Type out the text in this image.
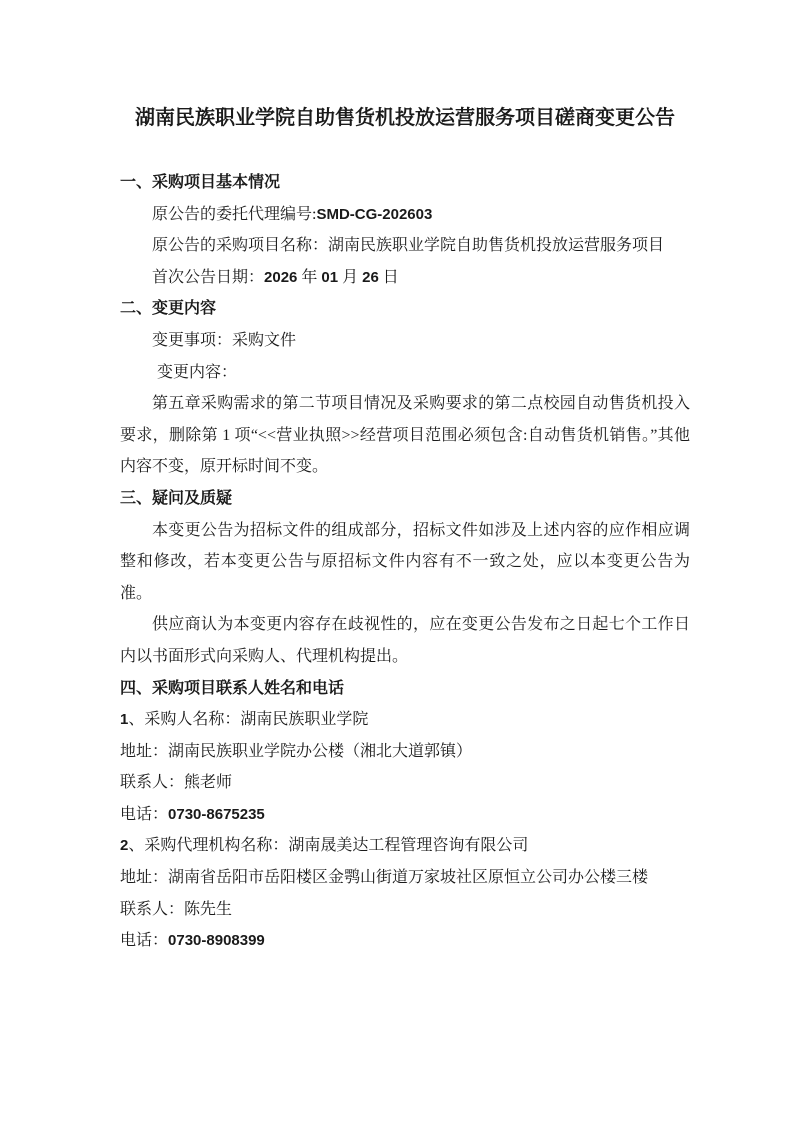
湖南民族职业学院自助售货机投放运营服务项目磋商变更公告

一、采购项目基本情况

原公告的委托代理编号:SMD-CG-202603

原公告的采购项目名称：湖南民族职业学院自助售货机投放运营服务项目

首次公告日期：2026 年 01 月 26 日

二、变更内容

变更事项：采购文件

变更内容：

第五章采购需求的第二节项目情况及采购要求的第二点校园自动售货机投入要求，删除第 1 项“<<营业执照>>经营项目范围必须包含:自动售货机销售。”其他内容不变，原开标时间不变。

三、疑问及质疑

本变更公告为招标文件的组成部分，招标文件如涉及上述内容的应作相应调整和修改，若本变更公告与原招标文件内容有不一致之处，应以本变更公告为准。

供应商认为本变更内容存在歧视性的，应在变更公告发布之日起七个工作日内以书面形式向采购人、代理机构提出。

四、采购项目联系人姓名和电话

1、采购人名称：湖南民族职业学院

地址：湖南民族职业学院办公楼（湘北大道郭镇）

联系人：熊老师

电话：0730-8675235

2、采购代理机构名称：湖南晟美达工程管理咨询有限公司

地址：湖南省岳阳市岳阳楼区金鹗山街道万家坡社区原恒立公司办公楼三楼

联系人：陈先生

电话：0730-8908399
